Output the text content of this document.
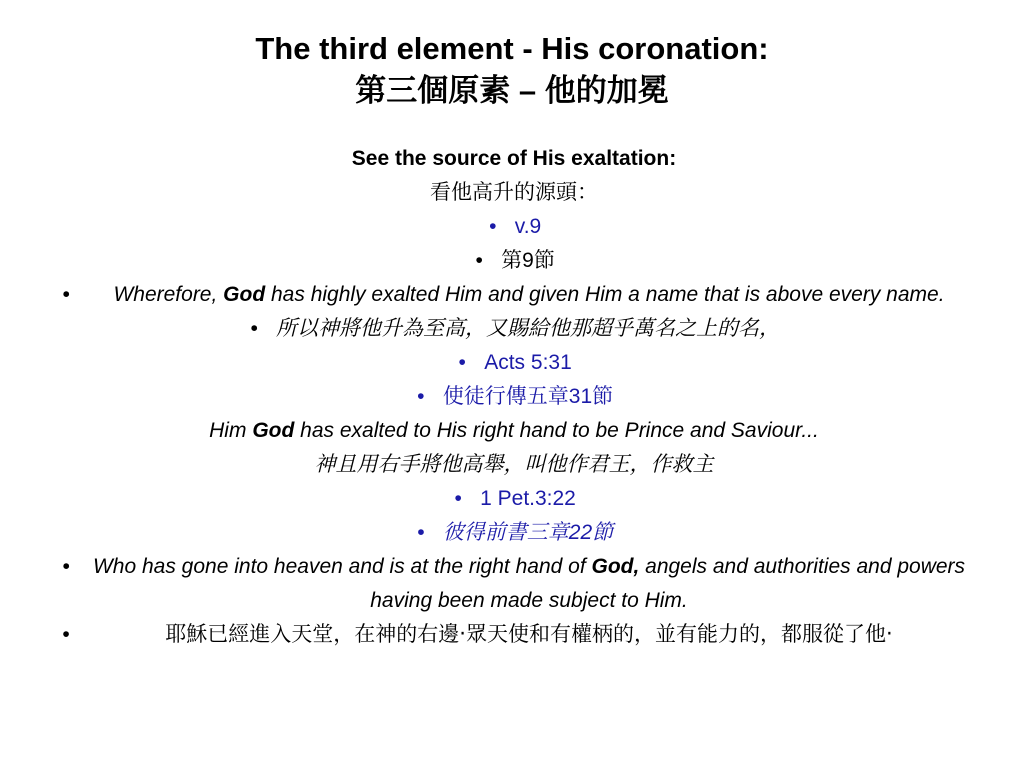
The third element - His coronation:

第三個原素 – 他的加冕

See the source of His exaltation:
看他高升的源頭：
• v.9
• 第9節
•	Wherefore, God has highly exalted Him and given Him a name that is above every name.
• 所以神將他升為至高，又賜給他那超乎萬名之上的名，
• Acts 5:31
• 使徒行傳五章31節
Him God has exalted to His right hand to be Prince and Saviour...
神且用右手將他高舉，叫他作君王，作救主
• 1 Pet.3:22
• 彼得前書三章22節
•	Who has gone into heaven and is at the right hand of God, angels and authorities and powers having been made subject to Him.
•	耶穌已經進入天堂，在神的右邊‧眾天使和有權柄的，並有能力的，都服從了他‧
